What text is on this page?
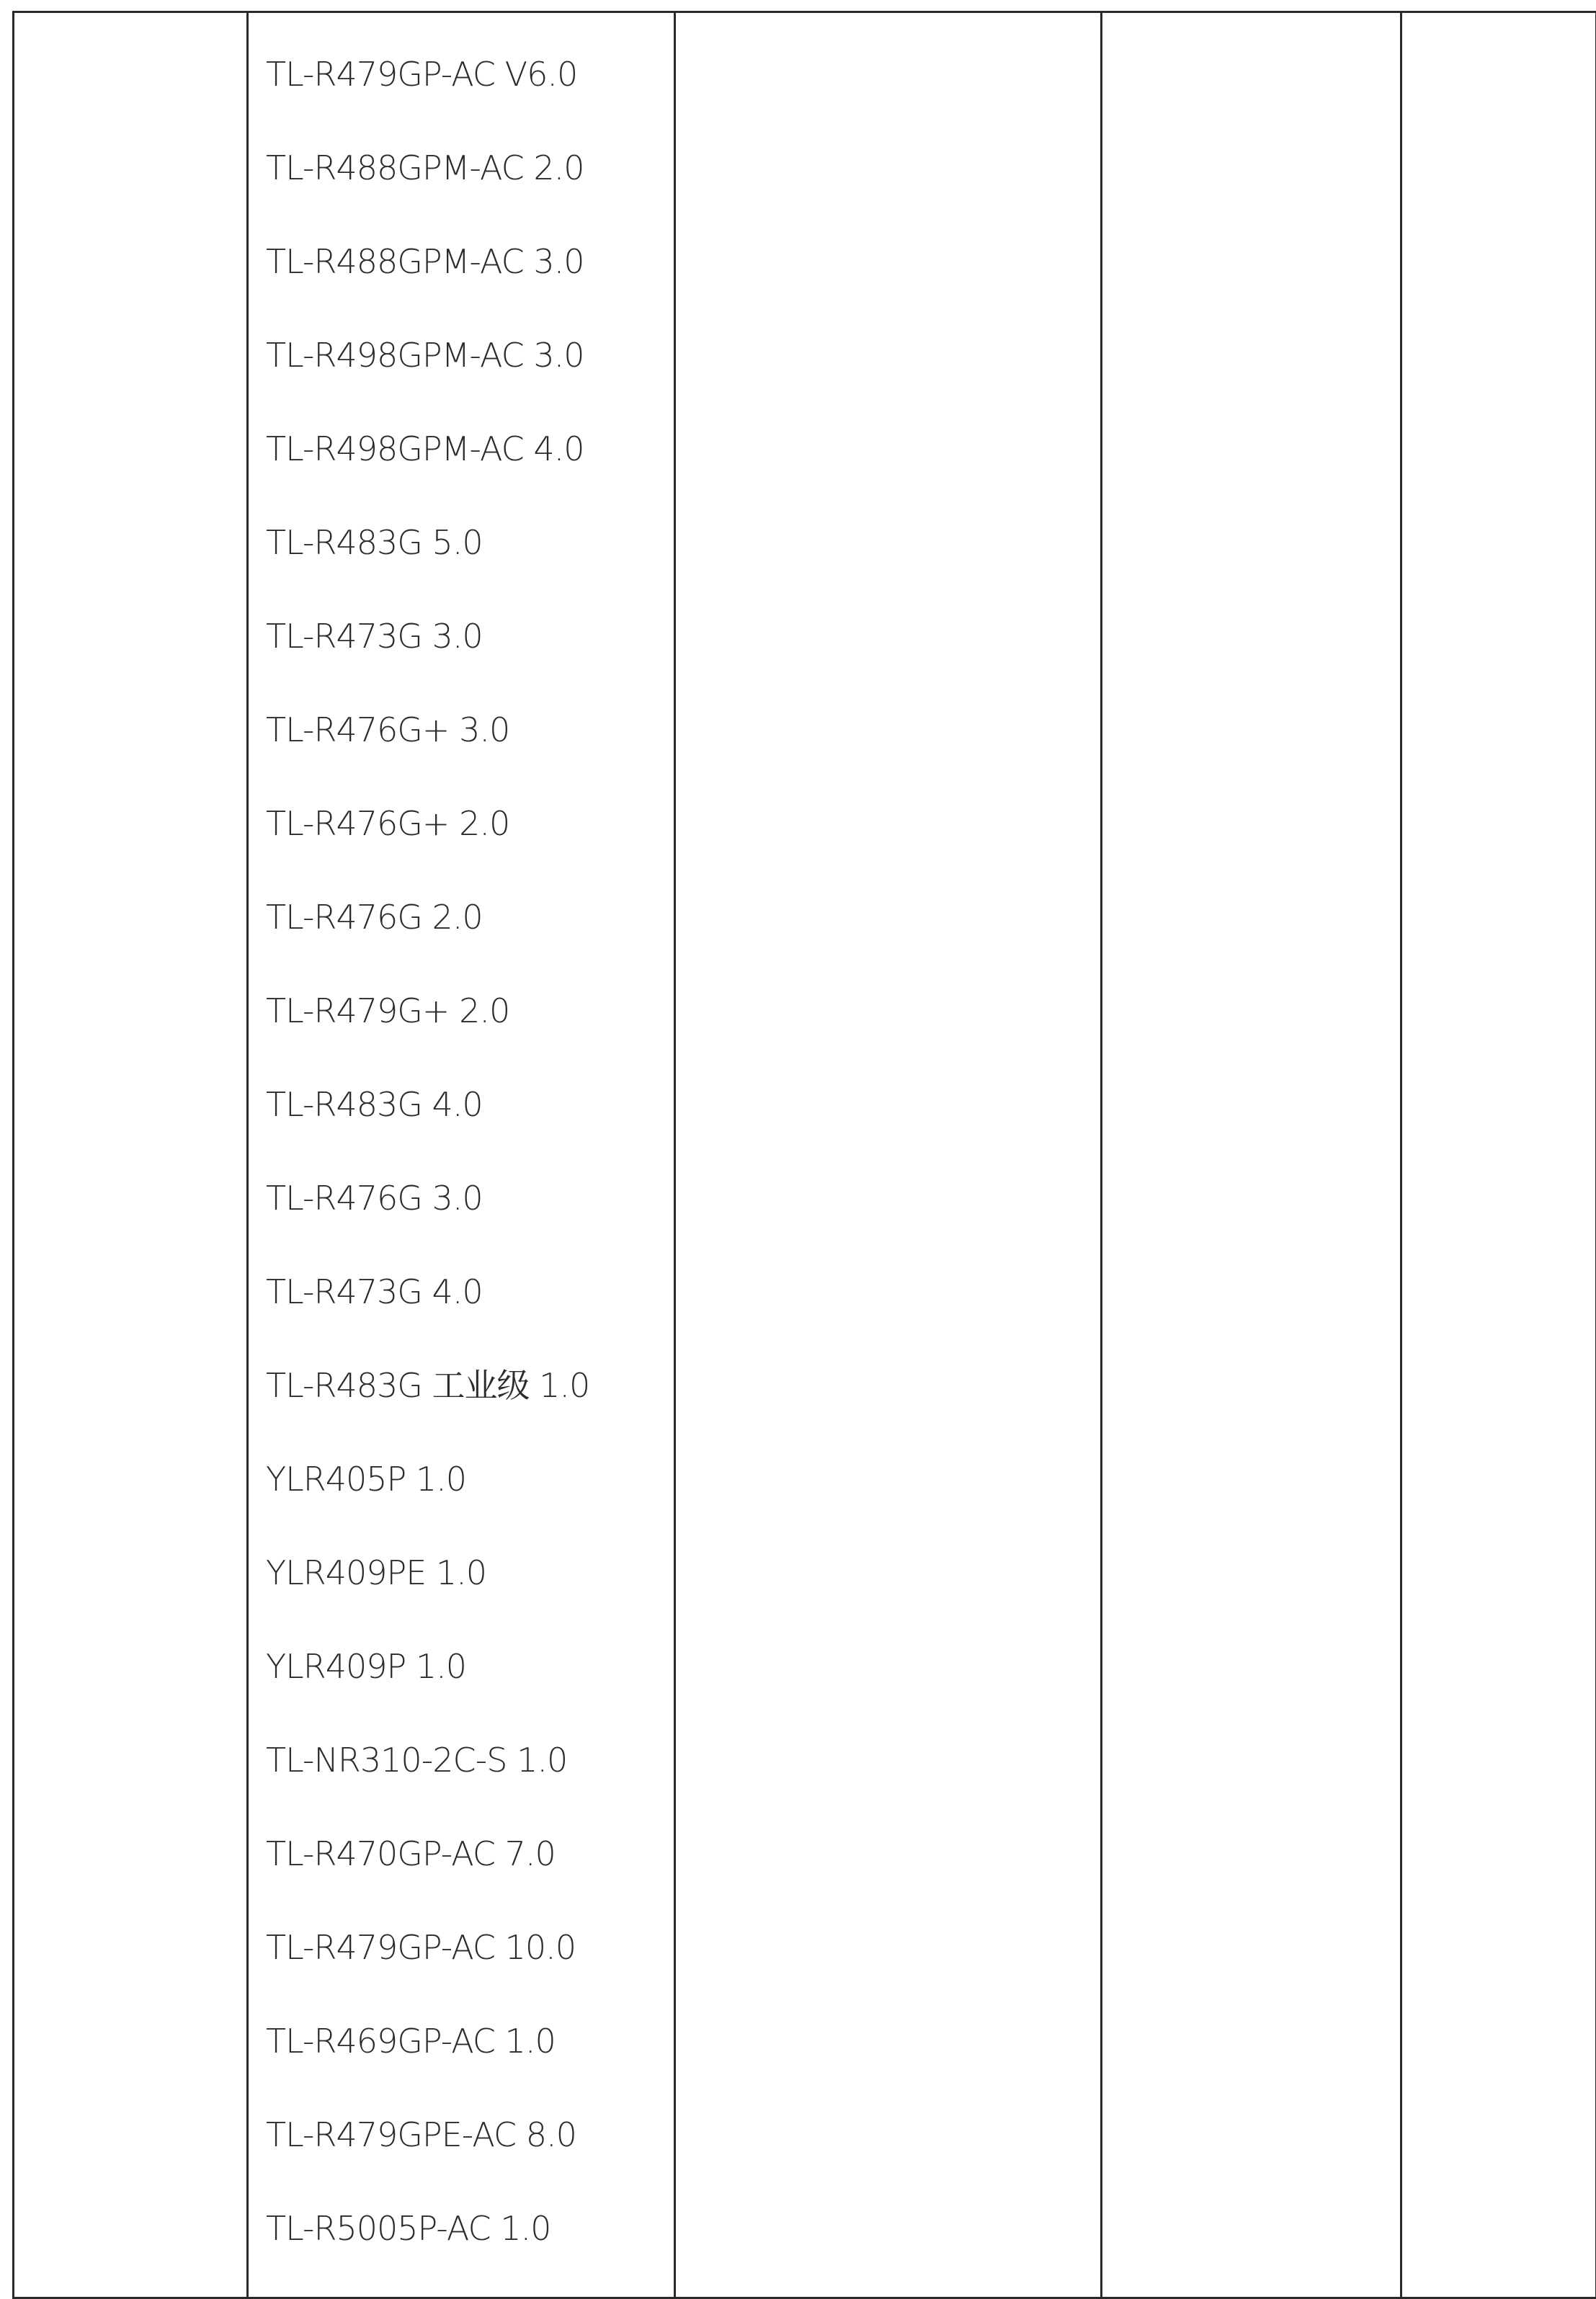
TL-R479GP-AC V6.0
TL-R488GPM-AC 2.0
TL-R488GPM-AC 3.0
TL-R498GPM-AC 3.0
TL-R498GPM-AC 4.0
TL-R483G 5.0
TL-R473G 3.0
TL-R476G+ 3.0
TL-R476G+ 2.0
TL-R476G 2.0
TL-R479G+ 2.0
TL-R483G 4.0
TL-R476G 3.0
TL-R473G 4.0
TL-R483G 工业级 1.0
YLR405P 1.0
YLR409PE 1.0
YLR409P 1.0
TL-NR310-2C-S 1.0
TL-R470GP-AC 7.0
TL-R479GP-AC 10.0
TL-R469GP-AC 1.0
TL-R479GPE-AC 8.0
TL-R5005P-AC 1.0
